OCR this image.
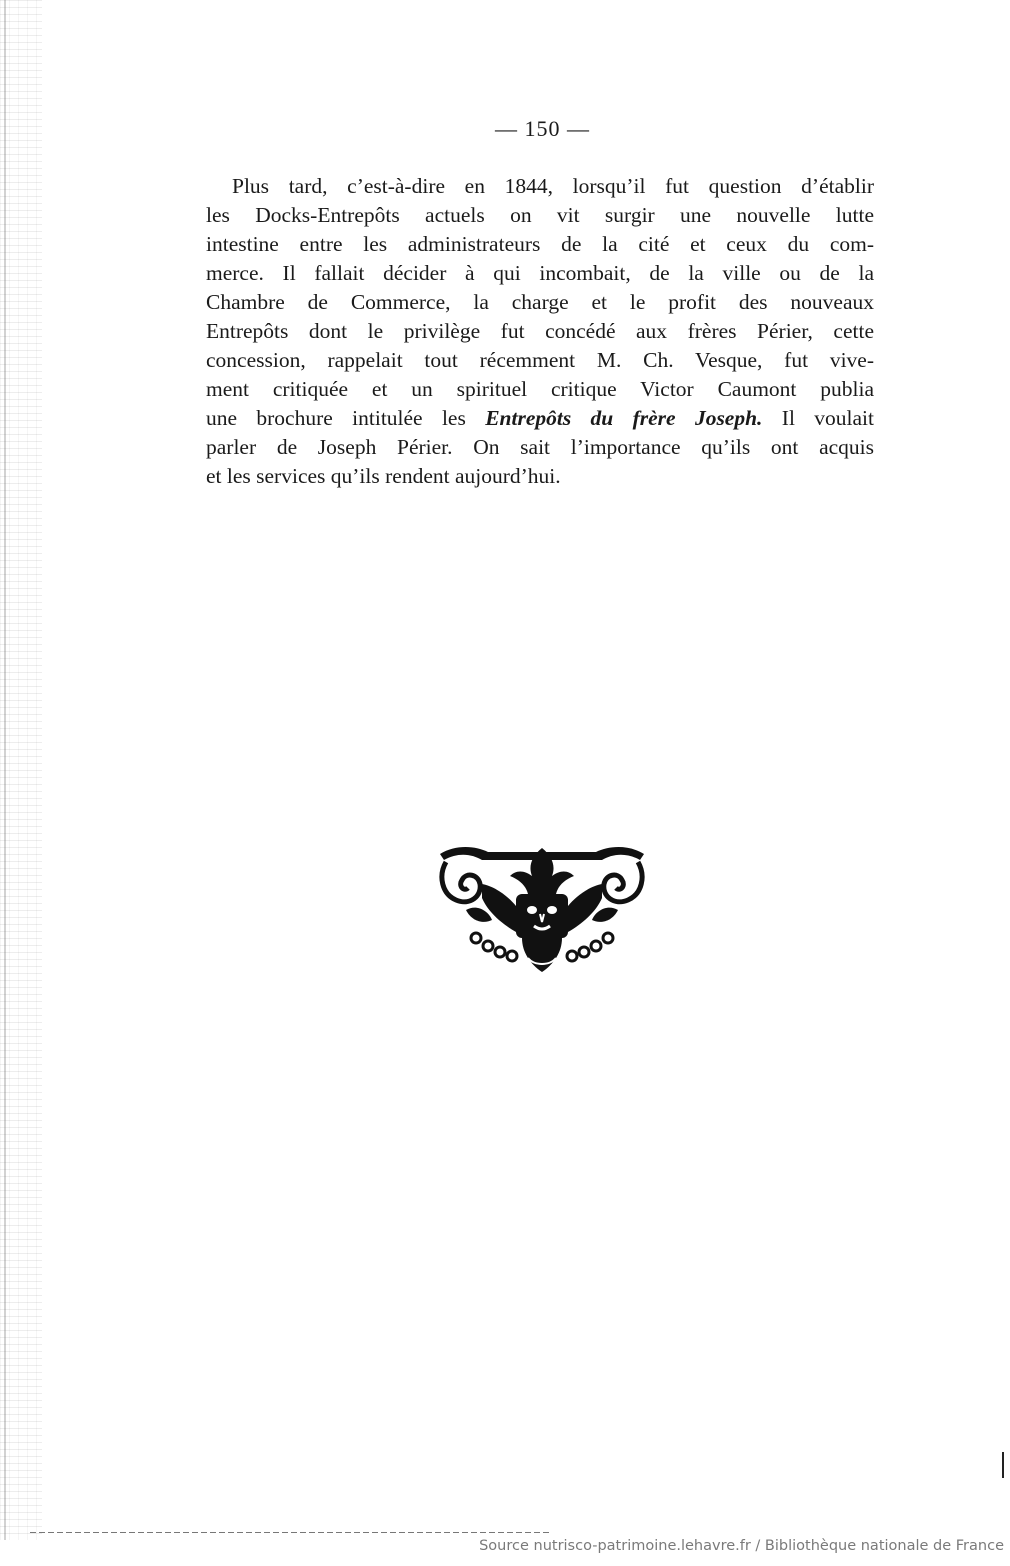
— 150 —

Plus tard, c’est-à-dire en 1844, lorsqu’il fut question d’établir
les Docks-Entrepôts actuels on vit surgir une nouvelle lutte
intestine entre les administrateurs de la cité et ceux du com-
merce. Il fallait décider à qui incombait, de la ville ou de la
Chambre de Commerce, la charge et le profit des nouveaux
Entrepôts dont le privilège fut concédé aux frères Périer, cette
concession, rappelait tout récemment M. Ch. Vesque, fut vive-
ment critiquée et un spirituel critique Victor Caumont publia
une brochure intitulée les Entrepôts du frère Joseph. Il voulait
parler de Joseph Périer. On sait l’importance qu’ils ont acquis
et les services qu’ils rendent aujourd’hui.

Source nutrisco-patrimoine.lehavre.fr / Bibliothèque nationale de France
